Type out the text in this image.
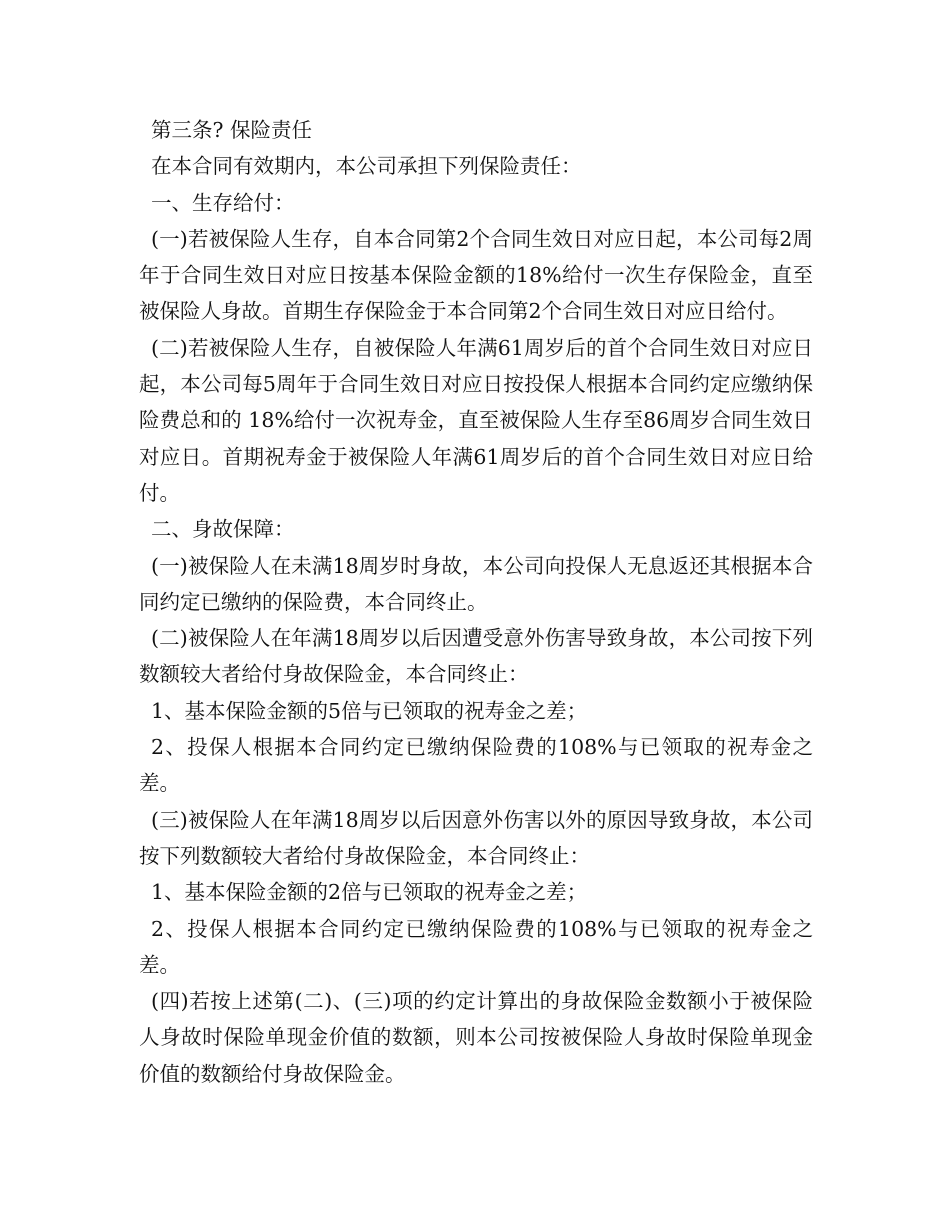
第三条? 保险责任

在本合同有效期内，本公司承担下列保险责任：

一、生存给付：

(一)若被保险人生存，自本合同第2个合同生效日对应日起，本公司每2周年于合同生效日对应日按基本保险金额的18%给付一次生存保险金，直至被保险人身故。首期生存保险金于本合同第2个合同生效日对应日给付。

(二)若被保险人生存，自被保险人年满61周岁后的首个合同生效日对应日起，本公司每5周年于合同生效日对应日按投保人根据本合同约定应缴纳保险费总和的 18%给付一次祝寿金，直至被保险人生存至86周岁合同生效日对应日。首期祝寿金于被保险人年满61周岁后的首个合同生效日对应日给付。

二、身故保障：

(一)被保险人在未满18周岁时身故，本公司向投保人无息返还其根据本合同约定已缴纳的保险费，本合同终止。

(二)被保险人在年满18周岁以后因遭受意外伤害导致身故，本公司按下列数额较大者给付身故保险金，本合同终止：

1、基本保险金额的5倍与已领取的祝寿金之差；

2、投保人根据本合同约定已缴纳保险费的108%与已领取的祝寿金之差。

(三)被保险人在年满18周岁以后因意外伤害以外的原因导致身故，本公司按下列数额较大者给付身故保险金，本合同终止：

1、基本保险金额的2倍与已领取的祝寿金之差；

2、投保人根据本合同约定已缴纳保险费的108%与已领取的祝寿金之差。

(四)若按上述第(二)、(三)项的约定计算出的身故保险金数额小于被保险人身故时保险单现金价值的数额，则本公司按被保险人身故时保险单现金价值的数额给付身故保险金。
